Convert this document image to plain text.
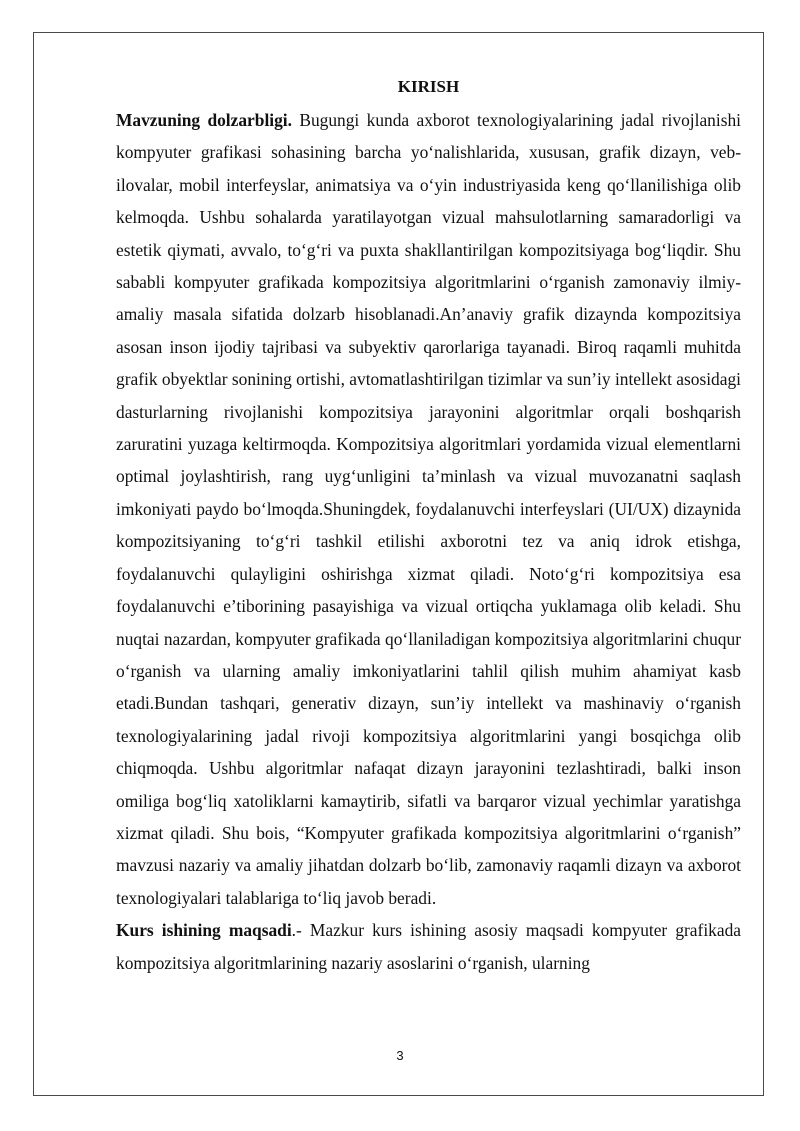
KIRISH

Mavzuning dolzarbligi. Bugungi kunda axborot texnologiyalarining jadal rivojlanishi kompyuter grafikasi sohasining barcha yo‘nalishlarida, xususan, grafik dizayn, veb-ilovalar, mobil interfeyslar, animatsiya va o‘yin industriyasida keng qo‘llanilishiga olib kelmoqda. Ushbu sohalarda yaratilayotgan vizual mahsulotlarning samaradorligi va estetik qiymati, avvalo, to‘g‘ri va puxta shakllantirilgan kompozitsiyaga bog‘liqdir. Shu sababli kompyuter grafikada kompozitsiya algoritmlarini o‘rganish zamonaviy ilmiy-amaliy masala sifatida dolzarb hisoblanadi.An’anaviy grafik dizaynda kompozitsiya asosan inson ijodiy tajribasi va subyektiv qarorlariga tayanadi. Biroq raqamli muhitda grafik obyektlar sonining ortishi, avtomatlashtirilgan tizimlar va sun’iy intellekt asosidagi dasturlarning rivojlanishi kompozitsiya jarayonini algoritmlar orqali boshqarish zaruratini yuzaga keltirmoqda. Kompozitsiya algoritmlari yordamida vizual elementlarni optimal joylashtirish, rang uyg‘unligini ta’minlash va vizual muvozanatni saqlash imkoniyati paydo bo‘lmoqda.Shuningdek, foydalanuvchi interfeyslari (UI/UX) dizaynida kompozitsiyaning to‘g‘ri tashkil etilishi axborotni tez va aniq idrok etishga, foydalanuvchi qulayligini oshirishga xizmat qiladi. Noto‘g‘ri kompozitsiya esa foydalanuvchi e’tiborining pasayishiga va vizual ortiqcha yuklamaga olib keladi. Shu nuqtai nazardan, kompyuter grafikada qo‘llaniladigan kompozitsiya algoritmlarini chuqur o‘rganish va ularning amaliy imkoniyatlarini tahlil qilish muhim ahamiyat kasb etadi.Bundan tashqari, generativ dizayn, sun’iy intellekt va mashinaviy o‘rganish texnologiyalarining jadal rivoji kompozitsiya algoritmlarini yangi bosqichga olib chiqmoqda. Ushbu algoritmlar nafaqat dizayn jarayonini tezlashtiradi, balki inson omiliga bog‘liq xatoliklarni kamaytirib, sifatli va barqaror vizual yechimlar yaratishga xizmat qiladi. Shu bois, “Kompyuter grafikada kompozitsiya algoritmlarini o‘rganish” mavzusi nazariy va amaliy jihatdan dolzarb bo‘lib, zamonaviy raqamli dizayn va axborot texnologiyalari talablariga to‘liq javob beradi.

Kurs ishining maqsadi.- Mazkur kurs ishining asosiy maqsadi kompyuter grafikada kompozitsiya algoritmlarining nazariy asoslarini o‘rganish, ularning

3
